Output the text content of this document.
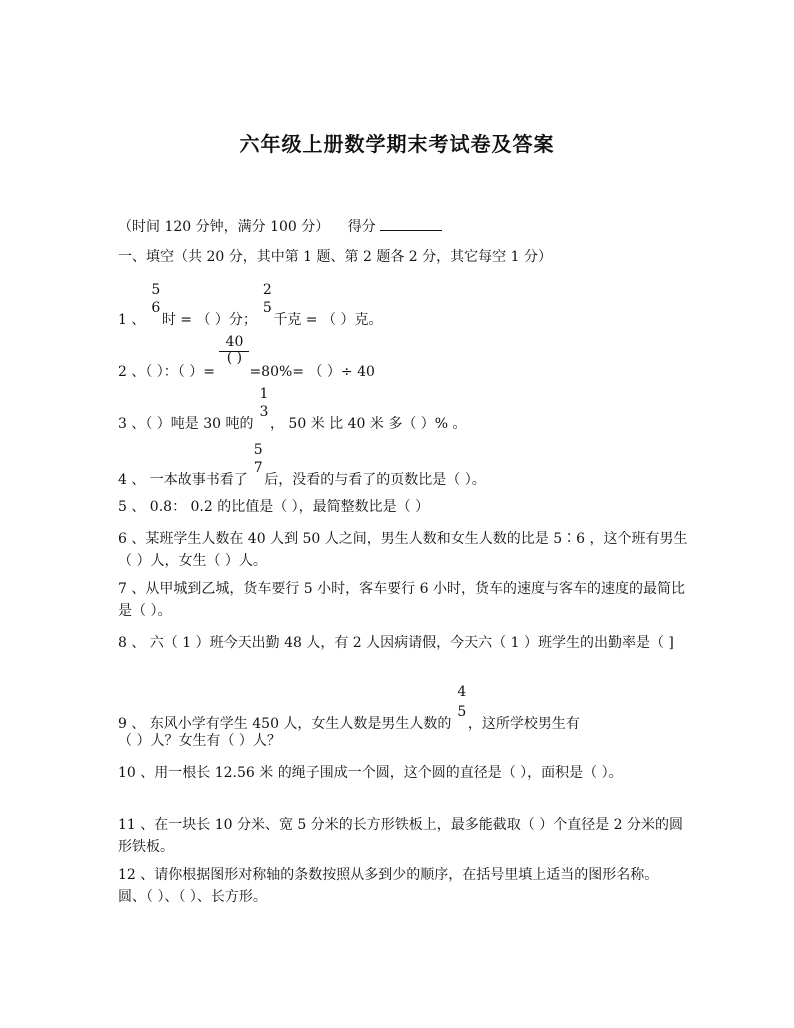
六年级上册数学期末考试卷及答案
（时间 120 分钟，满分 100 分） 得分
一、填空（共 20 分，其中第 1 题、第 2 题各 2 分，其它每空 1 分）
1 、
5
6
时 = （ ）分；
2
5
千克 = （ ）克。
2 、（ ）：（ ）= $\frac{40}{( )} =80\%=$ （ ）÷ 40
3 、（ ）吨是 30 吨的
1
3
， 50 米 比 40 米 多（ ）% 。
4 、 一本故事书看了
5
7
后，没看的与看了的页数比是（ ）。
5 、 0.8： 0.2 的比值是（ ），最简整数比是（ ）
6 、某班学生人数在 40 人到 50 人之间，男生人数和女生人数的比是 5∶6 ，这个班有男生（ ）人，女生（ ）人。
7 、从甲城到乙城，货车要行 5 小时，客车要行 6 小时，货车的速度与客车的速度的最简比是（ ）。
8 、 六（ 1 ）班今天出勤 48 人，有 2 人因病请假，今天六（ 1 ）班学生的出勤率是（ ]
9 、 东风小学有学生 450 人，女生人数是男生人数的
4
5
，这所学校男生有
（ ）人？女生有（ ）人？
10 、用一根长 12.56 米 的绳子围成一个圆，这个圆的直径是（ ），面积是（ ）。
11 、在一块长 10 分米、宽 5 分米的长方形铁板上，最多能截取（ ）个直径是 2 分米的圆形铁板。
12 、请你根据图形对称轴的条数按照从多到少的顺序，在括号里填上适当的图形名称。 圆、（ ）、（ ）、长方形。
